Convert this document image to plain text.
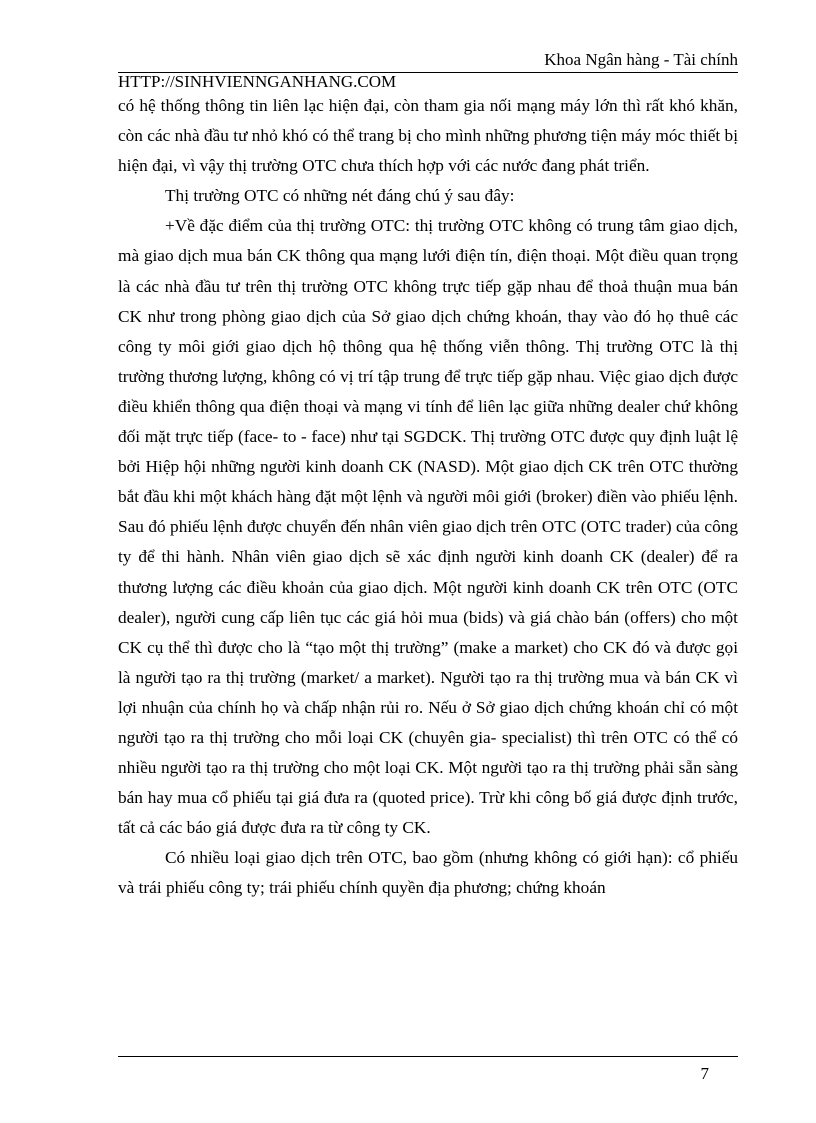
Khoa Ngân hàng - Tài chính
HTTP://SINHVIENNGANHANG.COM

có hệ thống thông tin liên lạc hiện đại, còn tham gia nối mạng máy lớn thì rất khó khăn, còn các nhà đầu tư nhỏ khó có thể trang bị cho mình những phương tiện máy móc thiết bị hiện đại, vì vậy thị trường OTC chưa thích hợp với các nước đang phát triển.

Thị trường OTC có những nét đáng chú ý sau đây:

+Về đặc điểm của thị trường OTC: thị trường OTC không có trung tâm giao dịch, mà giao dịch mua bán CK thông qua mạng lưới điện tín, điện thoại. Một điều quan trọng là các nhà đầu tư trên thị trường OTC không trực tiếp gặp nhau để thoả thuận mua bán CK như trong phòng giao dịch của Sở giao dịch chứng khoán, thay vào đó họ thuê các công ty môi giới giao dịch hộ thông qua hệ thống viễn thông. Thị trường OTC là thị trường thương lượng, không có vị trí tập trung để trực tiếp gặp nhau. Việc giao dịch được điều khiển thông qua điện thoại và mạng vi tính để liên lạc giữa những dealer chứ không đối mặt trực tiếp (face- to - face) như tại SGDCK. Thị trường OTC được quy định luật lệ bởi Hiệp hội những người kinh doanh CK (NASD). Một giao dịch CK trên OTC thường bắt đầu khi một khách hàng đặt một lệnh và người môi giới (broker) điền vào phiếu lệnh. Sau đó phiếu lệnh được chuyển đến nhân viên giao dịch trên OTC (OTC trader) của công ty để thi hành. Nhân viên giao dịch sẽ xác định người kinh doanh CK (dealer) để ra thương lượng các điều khoản của giao dịch. Một người kinh doanh CK trên OTC (OTC dealer), người cung cấp liên tục các giá hỏi mua (bids) và giá chào bán (offers) cho một CK cụ thể thì được cho là “tạo một thị trường” (make a market) cho CK đó và được gọi là người tạo ra thị trường (market/ a market). Người tạo ra thị trường mua và bán CK vì lợi nhuận của chính họ và chấp nhận rủi ro. Nếu ở Sở giao dịch chứng khoán chỉ có một người tạo ra thị trường cho mỗi loại CK (chuyên gia- specialist) thì trên OTC có thể có nhiều người tạo ra thị trường cho một loại CK. Một người tạo ra thị trường phải sẵn sàng bán hay mua cổ phiếu tại giá đưa ra (quoted price). Trừ khi công bố giá được định trước, tất cả các báo giá được đưa ra từ công ty CK.

Có nhiều loại giao dịch trên OTC, bao gồm (nhưng không có giới hạn): cổ phiếu và trái phiếu công ty; trái phiếu chính quyền địa phương; chứng khoán

7
